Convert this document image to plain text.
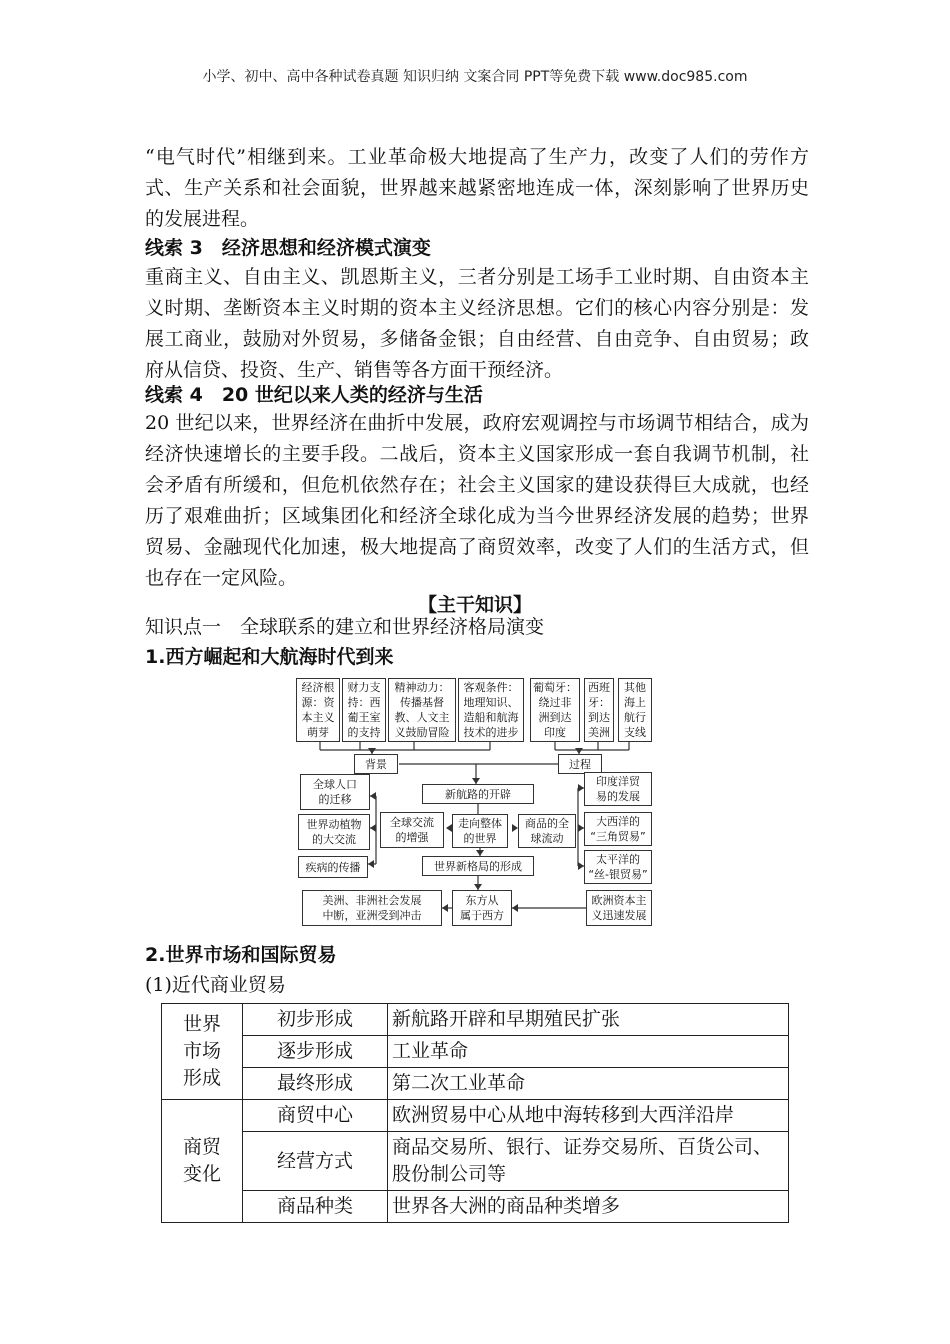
小学、初中、高中各种试卷真题 知识归纳 文案合同 PPT等免费下载 www.doc985.com

“电气时代”相继到来。工业革命极大地提高了生产力，改变了人们的劳作方式、生产关系和社会面貌，世界越来越紧密地连成一体，深刻影响了世界历史的发展进程。

线索 3　经济思想和经济模式演变

重商主义、自由主义、凯恩斯主义，三者分别是工场手工业时期、自由资本主义时期、垄断资本主义时期的资本主义经济思想。它们的核心内容分别是：发展工商业，鼓励对外贸易，多储备金银；自由经营、自由竞争、自由贸易；政府从信贷、投资、生产、销售等各方面干预经济。

线索 4　20 世纪以来人类的经济与生活

20 世纪以来，世界经济在曲折中发展，政府宏观调控与市场调节相结合，成为经济快速增长的主要手段。二战后，资本主义国家形成一套自我调节机制，社会矛盾有所缓和，但危机依然存在；社会主义国家的建设获得巨大成就，也经历了艰难曲折；区域集团化和经济全球化成为当今世界经济发展的趋势；世界贸易、金融现代化加速，极大地提高了商贸效率，改变了人们的生活方式，但也存在一定风险。

【主干知识】

知识点一　全球联系的建立和世界经济格局演变

1.西方崛起和大航海时代到来

经济根
源：资
本主义
萌芽
财力支
持：西
葡王室
的支持
精神动力：
传播基督
教、人文主
义鼓励冒险
客观条件：
地理知识、
造船和航海
技术的进步
葡萄牙：
绕过非
洲到达
印度
西班
牙：
到达
美洲
其他
海上
航行
支线
背景	过程
新航路的开辟
全球人口
的迁移
世界动植物
的大交流
疾病的传播
全球交流
的增强
走向整体
的世界
商品的全
球流动
印度洋贸
易的发展
大西洋的
“三角贸易”
太平洋的
“丝-银贸易”
世界新格局的形成
美洲、非洲社会发展
中断，亚洲受到冲击
东方从
属于西方
欧洲资本主
义迅速发展

2.世界市场和国际贸易

(1)近代商业贸易

世界
市场
形成	初步形成	新航路开辟和早期殖民扩张
	逐步形成	工业革命
	最终形成	第二次工业革命

商贸
变化	商贸中心	欧洲贸易中心从地中海转移到大西洋沿岸
	经营方式	商品交易所、银行、证券交易所、百货公司、股份制公司等
	商品种类	世界各大洲的商品种类增多
